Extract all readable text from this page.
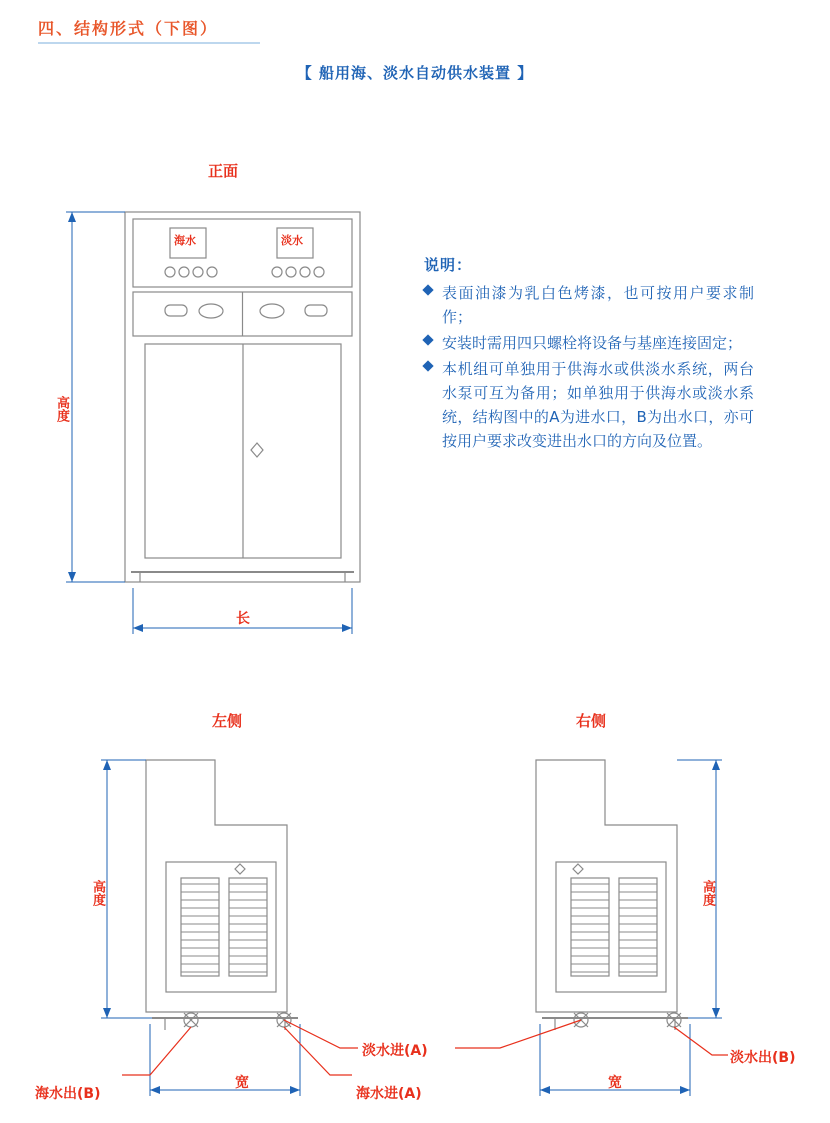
四、结构形式（下图）
【 船用海、淡水自动供水装置 】
正面
海水	淡水
高度
长
说明：
表面油漆为乳白色烤漆，也可按用户要求制作；
安装时需用四只螺栓将设备与基座连接固定；
本机组可单独用于供海水或供淡水系统，两台水泵可互为备用；如单独用于供海水或淡水系统，结构图中的A为进水口，B为出水口，亦可按用户要求改变进出水口的方向及位置。
左侧	右侧
高度
宽
高度
宽
海水出(B)	海水进(A)
淡水进(A)	淡水出(B)
